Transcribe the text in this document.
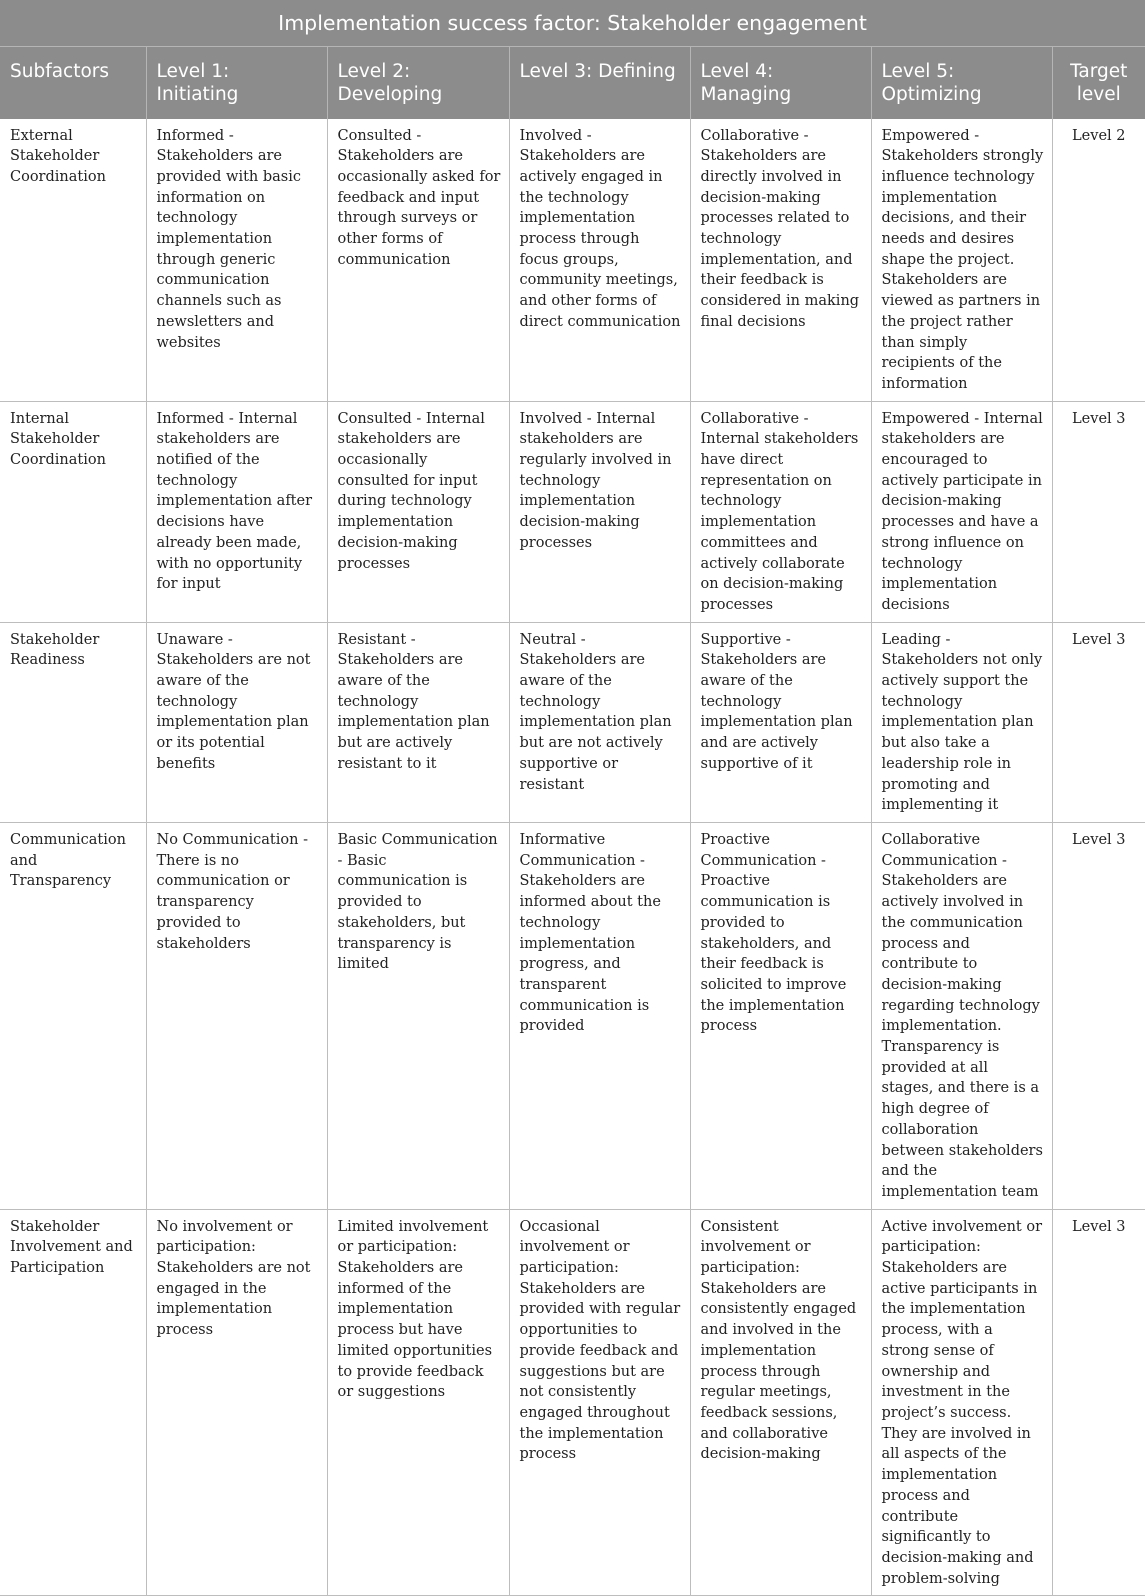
Implementation success factor: Stakeholder engagement						
Subfactors	Level 1: Initiating	Level 2: Developing	Level 3: Defining	Level 4: Managing	Level 5: Optimizing	Target level
External Stakeholder Coordination	Informed - Stakeholders are provided with basic information on technology implementation through generic communication channels such as newsletters and websites	Consulted - Stakeholders are occasionally asked for feedback and input through surveys or other forms of communication	Involved - Stakeholders are actively engaged in the technology implementation process through focus groups, community meetings, and other forms of direct communication	Collaborative - Stakeholders are directly involved in decision-making processes related to technology implementation, and their feedback is considered in making final decisions	Empowered - Stakeholders strongly influence technology implementation decisions, and their needs and desires shape the project. Stakeholders are viewed as partners in the project rather than simply recipients of the information	Level 2
Internal Stakeholder Coordination	Informed - Internal stakeholders are notified of the technology implementation after decisions have already been made, with no opportunity for input	Consulted - Internal stakeholders are occasionally consulted for input during technology implementation decision-making processes	Involved - Internal stakeholders are regularly involved in technology implementation decision-making processes	Collaborative - Internal stakeholders have direct representation on technology implementation committees and actively collaborate on decision-making processes	Empowered - Internal stakeholders are encouraged to actively participate in decision-making processes and have a strong influence on technology implementation decisions	Level 3
Stakeholder Readiness	Unaware - Stakeholders are not aware of the technology implementation plan or its potential benefits	Resistant - Stakeholders are aware of the technology implementation plan but are actively resistant to it	Neutral - Stakeholders are aware of the technology implementation plan but are not actively supportive or resistant	Supportive - Stakeholders are aware of the technology implementation plan and are actively supportive of it	Leading - Stakeholders not only actively support the technology implementation plan but also take a leadership role in promoting and implementing it	Level 3
Communication and Transparency	No Communication - There is no communication or transparency provided to stakeholders	Basic Communication - Basic communication is provided to stakeholders, but transparency is limited	Informative Communication - Stakeholders are informed about the technology implementation progress, and transparent communication is provided	Proactive Communication - Proactive communication is provided to stakeholders, and their feedback is solicited to improve the implementation process	Collaborative Communication - Stakeholders are actively involved in the communication process and contribute to decision-making regarding technology implementation. Transparency is provided at all stages, and there is a high degree of collaboration between stakeholders and the implementation team	Level 3
Stakeholder Involvement and Participation	No involvement or participation: Stakeholders are not engaged in the implementation process	Limited involvement or participation: Stakeholders are informed of the implementation process but have limited opportunities to provide feedback or suggestions	Occasional involvement or participation: Stakeholders are provided with regular opportunities to provide feedback and suggestions but are not consistently engaged throughout the implementation process	Consistent involvement or participation: Stakeholders are consistently engaged and involved in the implementation process through regular meetings, feedback sessions, and collaborative decision-making	Active involvement or participation: Stakeholders are active participants in the implementation process, with a strong sense of ownership and investment in the project’s success. They are involved in all aspects of the implementation process and contribute significantly to decision-making and problem-solving	Level 3
